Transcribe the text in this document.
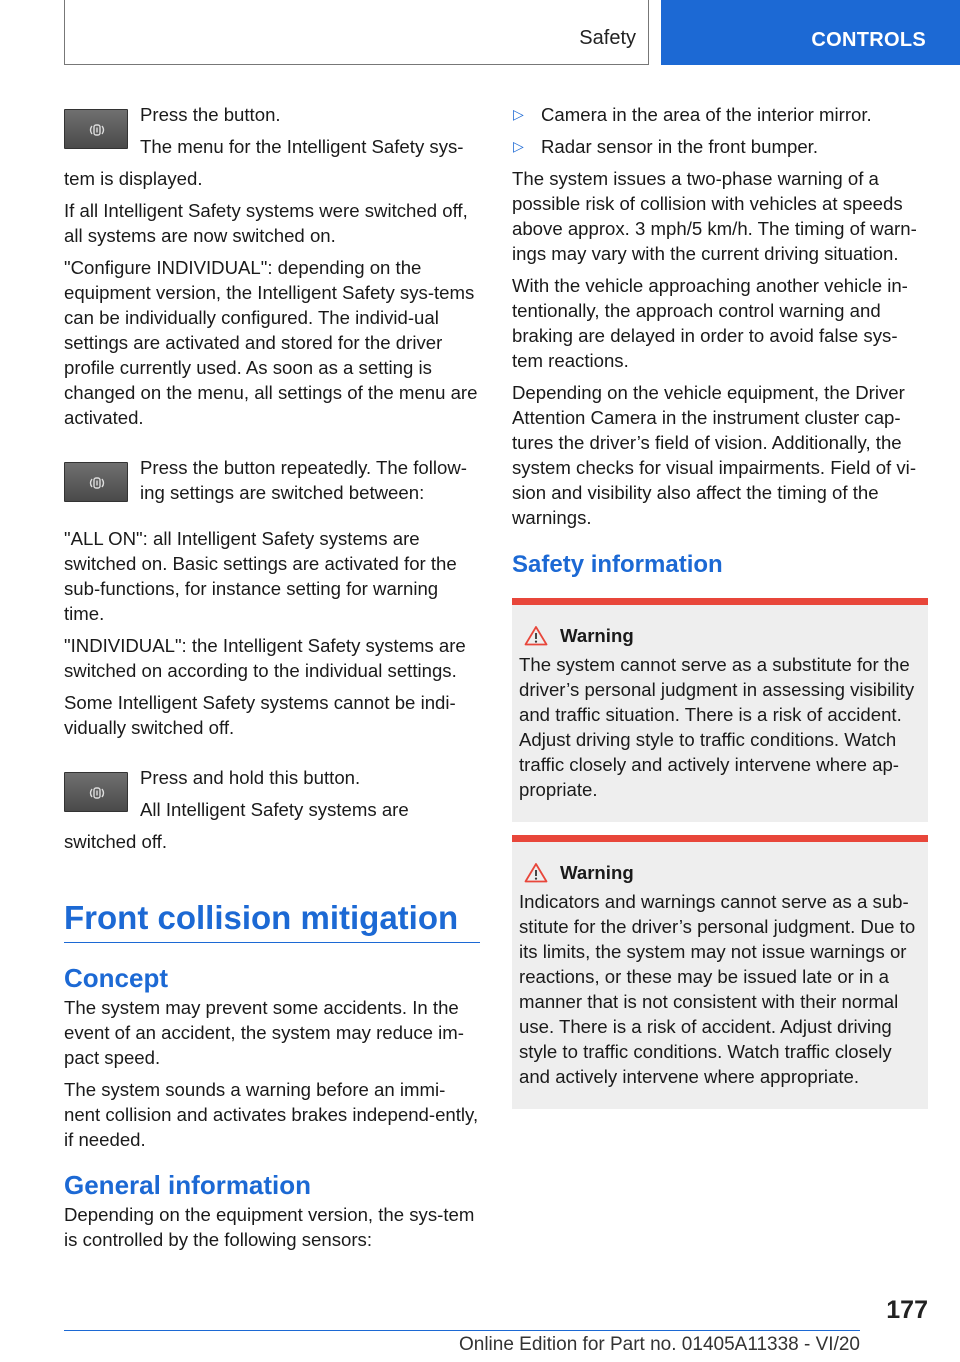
Safety	CONTROLS

Press the button.

The menu for the Intelligent Safety sys‐

tem is displayed.

If all Intelligent Safety systems were switched off, all systems are now switched on.

"Configure INDIVIDUAL": depending on the equipment version, the Intelligent Safety sys‐tems can be individually configured. The individ‐ual settings are activated and stored for the driver profile currently used. As soon as a setting is changed on the menu, all settings of the menu are activated.

Press the button repeatedly. The follow‐ing settings are switched between:

"ALL ON": all Intelligent Safety systems are switched on. Basic settings are activated for the sub-functions, for instance setting for warning time.

"INDIVIDUAL": the Intelligent Safety systems are switched on according to the individual settings.

Some Intelligent Safety systems cannot be indi‐vidually switched off.

Press and hold this button.

All Intelligent Safety systems are

switched off.

Front collision mitigation
Concept

The system may prevent some accidents. In the event of an accident, the system may reduce im‐pact speed.

The system sounds a warning before an immi‐nent collision and activates brakes independ‐ently, if needed.

General information

Depending on the equipment version, the sys‐tem is controlled by the following sensors:

▷ Camera in the area of the interior mirror.
▷ Radar sensor in the front bumper.

The system issues a two-phase warning of a possible risk of collision with vehicles at speeds above approx. 3 mph/5 km/h. The timing of warn‐ings may vary with the current driving situation.

With the vehicle approaching another vehicle in‐tentionally, the approach control warning and braking are delayed in order to avoid false sys‐tem reactions.

Depending on the vehicle equipment, the Driver Attention Camera in the instrument cluster cap‐tures the driver’s field of vision. Additionally, the system checks for visual impairments. Field of vi‐sion and visibility also affect the timing of the warnings.

Safety information
Warning

The system cannot serve as a substitute for the driver’s personal judgment in assessing visibility and traffic situation. There is a risk of accident. Adjust driving style to traffic conditions. Watch traffic closely and actively intervene where ap‐propriate.

Warning

Indicators and warnings cannot serve as a sub‐stitute for the driver’s personal judgment. Due to its limits, the system may not issue warnings or reactions, or these may be issued late or in a manner that is not consistent with their normal use. There is a risk of accident. Adjust driving style to traffic conditions. Watch traffic closely and actively intervene where appropriate.

177
Online Edition for Part no. 01405A11338 - VI/20
